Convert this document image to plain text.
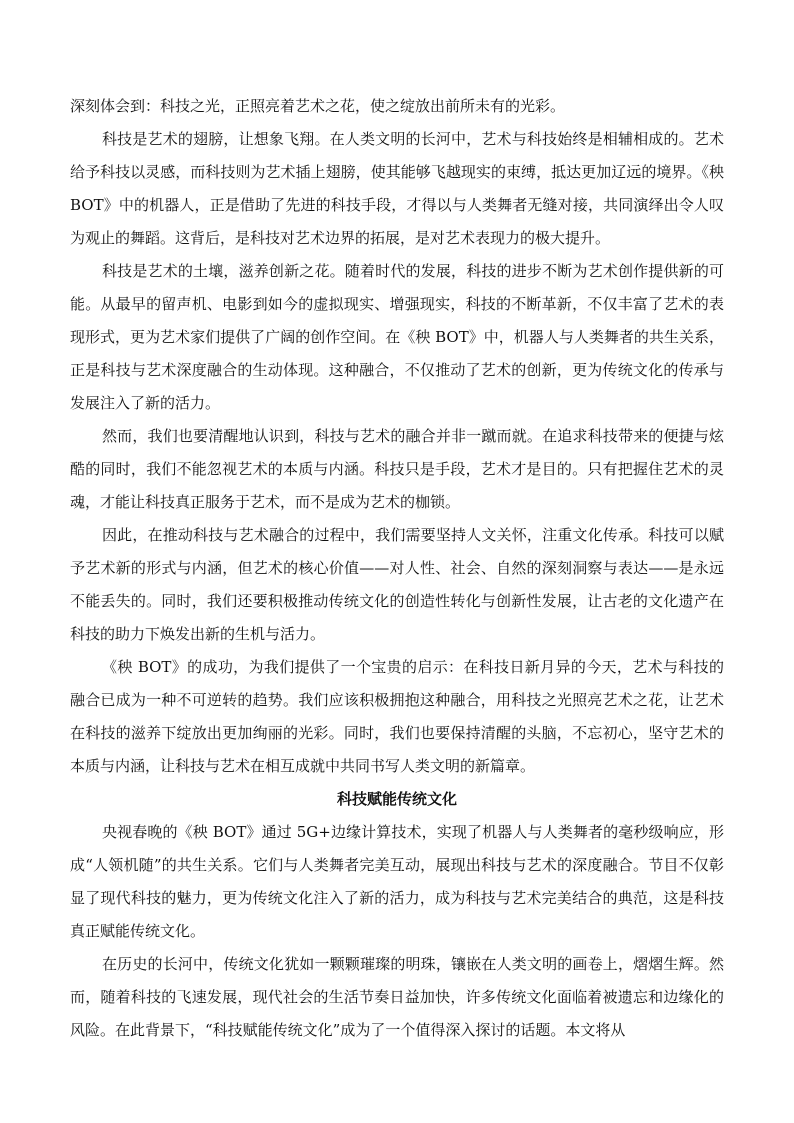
深刻体会到：科技之光，正照亮着艺术之花，使之绽放出前所未有的光彩。

科技是艺术的翅膀，让想象飞翔。在人类文明的长河中，艺术与科技始终是相辅相成的。艺术给予科技以灵感，而科技则为艺术插上翅膀，使其能够飞越现实的束缚，抵达更加辽远的境界。《秧 BOT》中的机器人，正是借助了先进的科技手段，才得以与人类舞者无缝对接，共同演绎出令人叹为观止的舞蹈。这背后，是科技对艺术边界的拓展，是对艺术表现力的极大提升。

科技是艺术的土壤，滋养创新之花。随着时代的发展，科技的进步不断为艺术创作提供新的可能。从最早的留声机、电影到如今的虚拟现实、增强现实，科技的不断革新，不仅丰富了艺术的表现形式，更为艺术家们提供了广阔的创作空间。在《秧 BOT》中，机器人与人类舞者的共生关系，正是科技与艺术深度融合的生动体现。这种融合，不仅推动了艺术的创新，更为传统文化的传承与发展注入了新的活力。

然而，我们也要清醒地认识到，科技与艺术的融合并非一蹴而就。在追求科技带来的便捷与炫酷的同时，我们不能忽视艺术的本质与内涵。科技只是手段，艺术才是目的。只有把握住艺术的灵魂，才能让科技真正服务于艺术，而不是成为艺术的枷锁。

因此，在推动科技与艺术融合的过程中，我们需要坚持人文关怀，注重文化传承。科技可以赋予艺术新的形式与内涵，但艺术的核心价值——对人性、社会、自然的深刻洞察与表达——是永远不能丢失的。同时，我们还要积极推动传统文化的创造性转化与创新性发展，让古老的文化遗产在科技的助力下焕发出新的生机与活力。

《秧 BOT》的成功，为我们提供了一个宝贵的启示：在科技日新月异的今天，艺术与科技的融合已成为一种不可逆转的趋势。我们应该积极拥抱这种融合，用科技之光照亮艺术之花，让艺术在科技的滋养下绽放出更加绚丽的光彩。同时，我们也要保持清醒的头脑，不忘初心，坚守艺术的本质与内涵，让科技与艺术在相互成就中共同书写人类文明的新篇章。

科技赋能传统文化

央视春晚的《秧 BOT》通过 5G+边缘计算技术，实现了机器人与人类舞者的毫秒级响应，形成“人领机随”的共生关系。它们与人类舞者完美互动，展现出科技与艺术的深度融合。节目不仅彰显了现代科技的魅力，更为传统文化注入了新的活力，成为科技与艺术完美结合的典范，这是科技真正赋能传统文化。

在历史的长河中，传统文化犹如一颗颗璀璨的明珠，镶嵌在人类文明的画卷上，熠熠生辉。然而，随着科技的飞速发展，现代社会的生活节奏日益加快，许多传统文化面临着被遗忘和边缘化的风险。在此背景下，“科技赋能传统文化”成为了一个值得深入探讨的话题。本文将从
